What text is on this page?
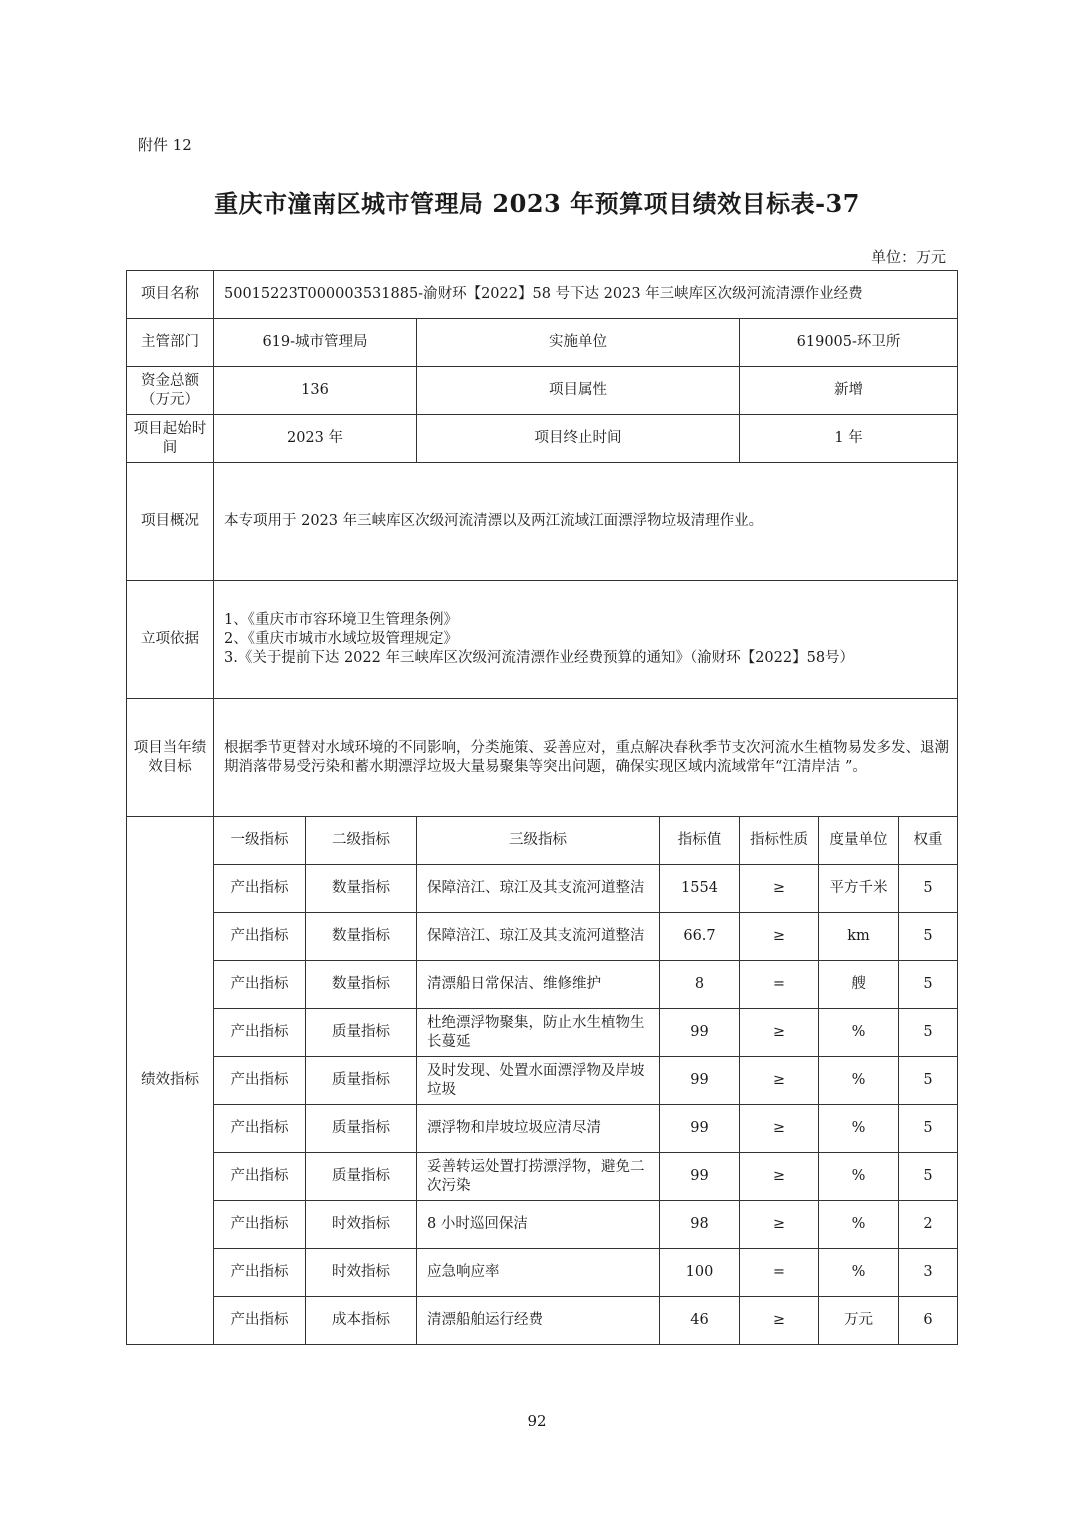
附件 12
重庆市潼南区城市管理局 2023 年预算项目绩效目标表-37
单位：万元
项目名称	50015223T000003531885-渝财环【2022】58 号下达 2023 年三峡库区次级河流清漂作业经费						
主管部门	619-城市管理局		实施单位		619005-环卫所		
资金总额（万元）	136		项目属性		新增		
项目起始时间	2023 年		项目终止时间		1 年		
项目概况	本专项用于 2023 年三峡库区次级河流清漂以及两江流域江面漂浮物垃圾清理作业。						
立项依据	1、《重庆市市容环境卫生管理条例》
2、《重庆市城市水域垃圾管理规定》
3.《关于提前下达 2022 年三峡库区次级河流清漂作业经费预算的通知》（渝财环【2022】58号）						

项目当年绩效目标	根据季节更替对水域环境的不同影响，分类施策、妥善应对，重点解决春秋季节支次河流水生植物易发多发、退潮期消落带易受污染和蓄水期漂浮垃圾大量易聚集等突出问题，确保实现区域内流域常年“江清岸洁 ”。						
绩效指标	一级指标	二级指标	三级指标	指标值	指标性质	度量单位	权重
	产出指标	数量指标	保障涪江、琼江及其支流河道整洁	1554	≥	平方千米	5
	产出指标	数量指标	保障涪江、琼江及其支流河道整洁	66.7	≥	km	5
	产出指标	数量指标	清漂船日常保洁、维修维护	8	=	艘	5
	产出指标	质量指标	杜绝漂浮物聚集，防止水生植物生长蔓延	99	≥	%	5
	产出指标	质量指标	及时发现、处置水面漂浮物及岸坡垃圾	99	≥	%	5
	产出指标	质量指标	漂浮物和岸坡垃圾应清尽清	99	≥	%	5
	产出指标	质量指标	妥善转运处置打捞漂浮物，避免二次污染	99	≥	%	5
	产出指标	时效指标	8 小时巡回保洁	98	≥	%	2
	产出指标	时效指标	应急响应率	100	=	%	3
	产出指标	成本指标	清漂船舶运行经费	46	≥	万元	6
92
